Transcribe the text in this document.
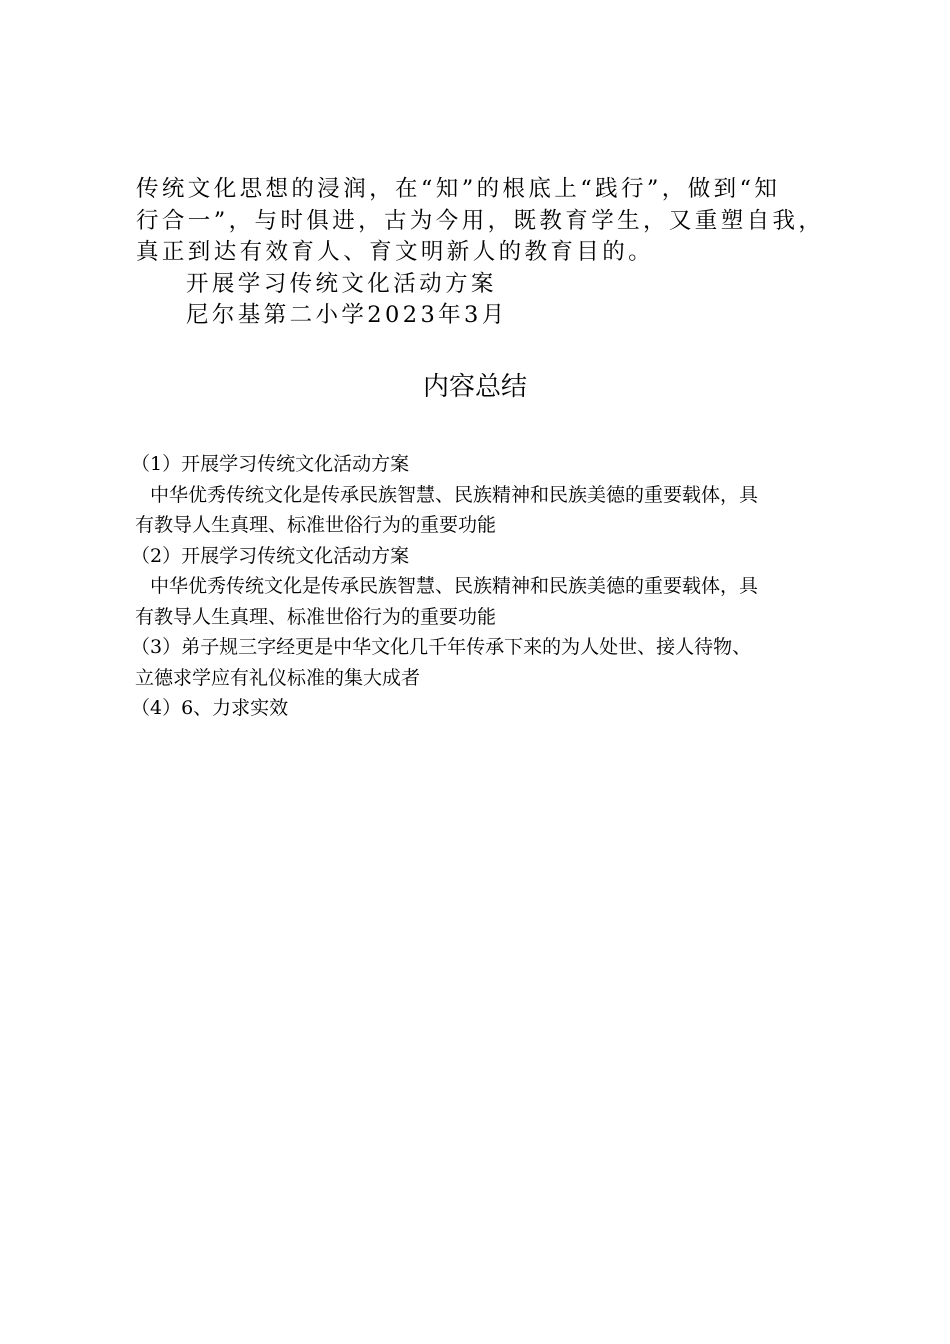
传统文化思想的浸润，在“知”的根底上“践行”，做到“知
行合一”，与时俱进，古为今用，既教育学生，又重塑自我，
真正到达有效育人、育文明新人的教育目的。
开展学习传统文化活动方案
尼尔基第二小学2023年3月
内容总结
（1）开展学习传统文化活动方案
中华优秀传统文化是传承民族智慧、民族精神和民族美德的重要载体，具
有教导人生真理、标准世俗行为的重要功能
（2）开展学习传统文化活动方案
中华优秀传统文化是传承民族智慧、民族精神和民族美德的重要载体，具
有教导人生真理、标准世俗行为的重要功能
（3）弟子规三字经更是中华文化几千年传承下来的为人处世、接人待物、
立德求学应有礼仪标准的集大成者
（4）6、力求实效
